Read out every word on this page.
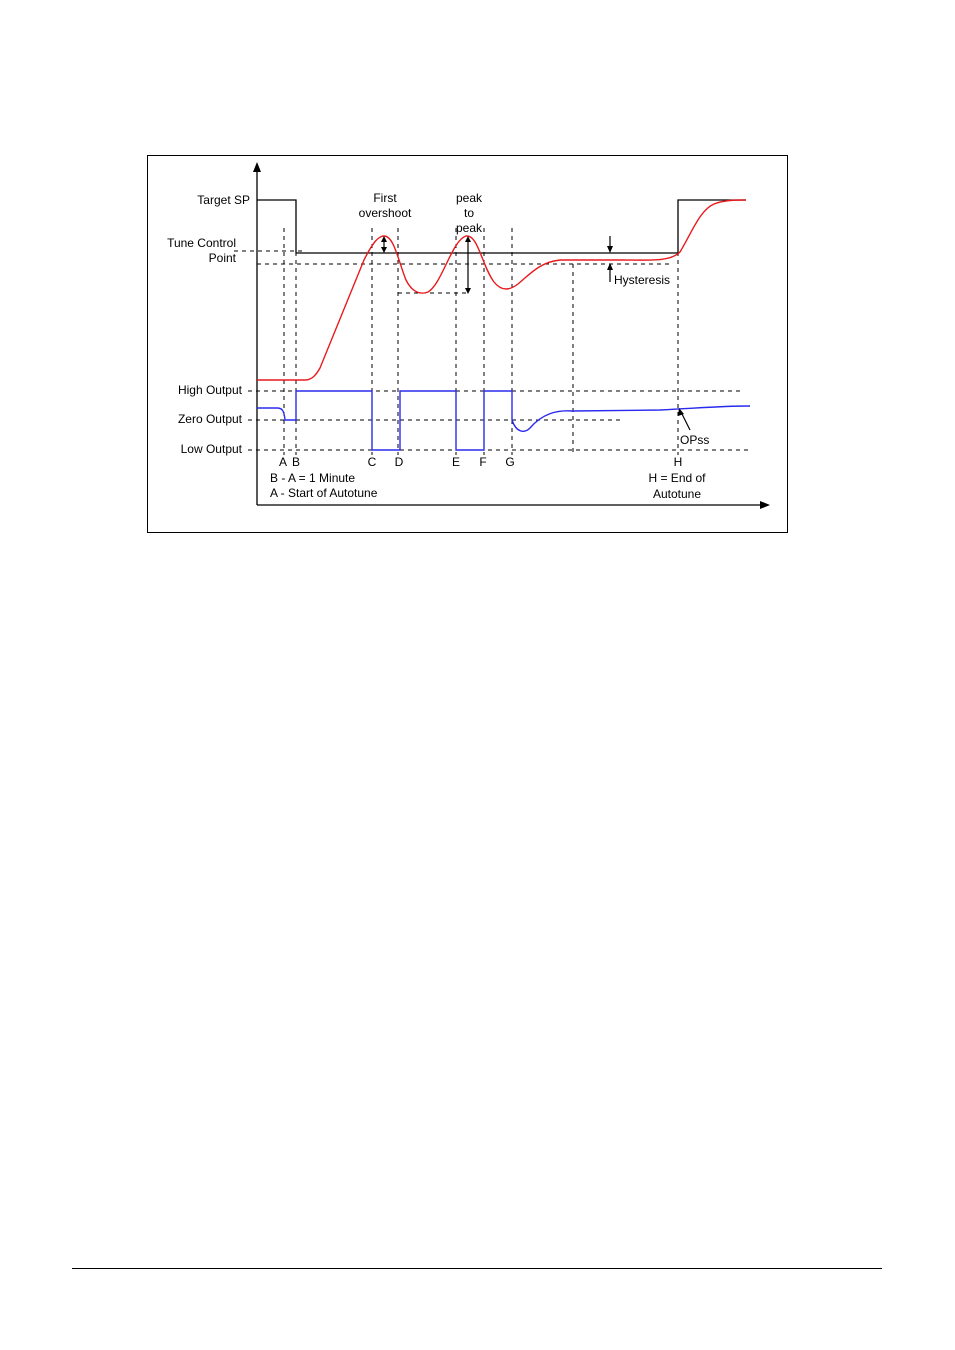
Target SP
Tune Control
Point
High Output
Zero Output
Low Output
First
overshoot
peak
to
peak
Hysteresis
OPss
A B	C D	E F G	H
B - A = 1 Minute
A - Start of Autotune
H = End of
Autotune
